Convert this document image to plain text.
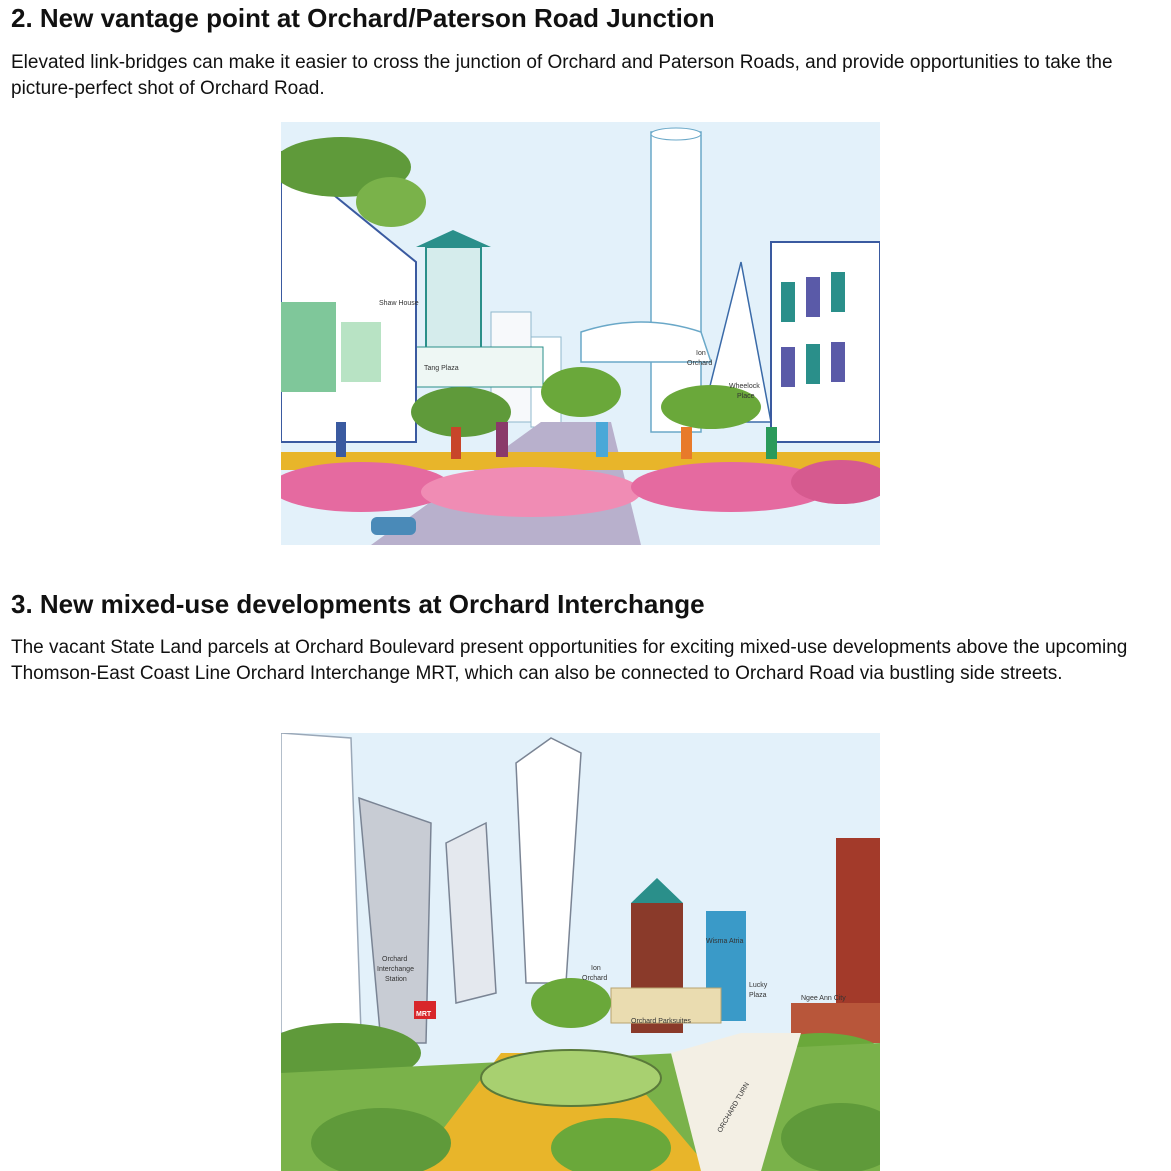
2. New vantage point at Orchard/Paterson Road Junction

Elevated link-bridges can make it easier to cross the junction of Orchard and Paterson Roads, and provide opportunities to take the picture-perfect shot of Orchard Road.

Shaw House
Tang Plaza
Ion
Orchard
Wheelock
Place
3. New mixed-use developments at Orchard Interchange

The vacant State Land parcels at Orchard Boulevard present opportunities for exciting mixed-use developments above the upcoming Thomson-East Coast Line Orchard Interchange MRT, which can also be connected to Orchard Road via bustling side streets.

Orchard
Interchange
Station
MRT
Ion
Orchard
Wisma Atria
Lucky
Plaza	Ngee Ann City
Orchard Parksuites
ORCHARD TURN
